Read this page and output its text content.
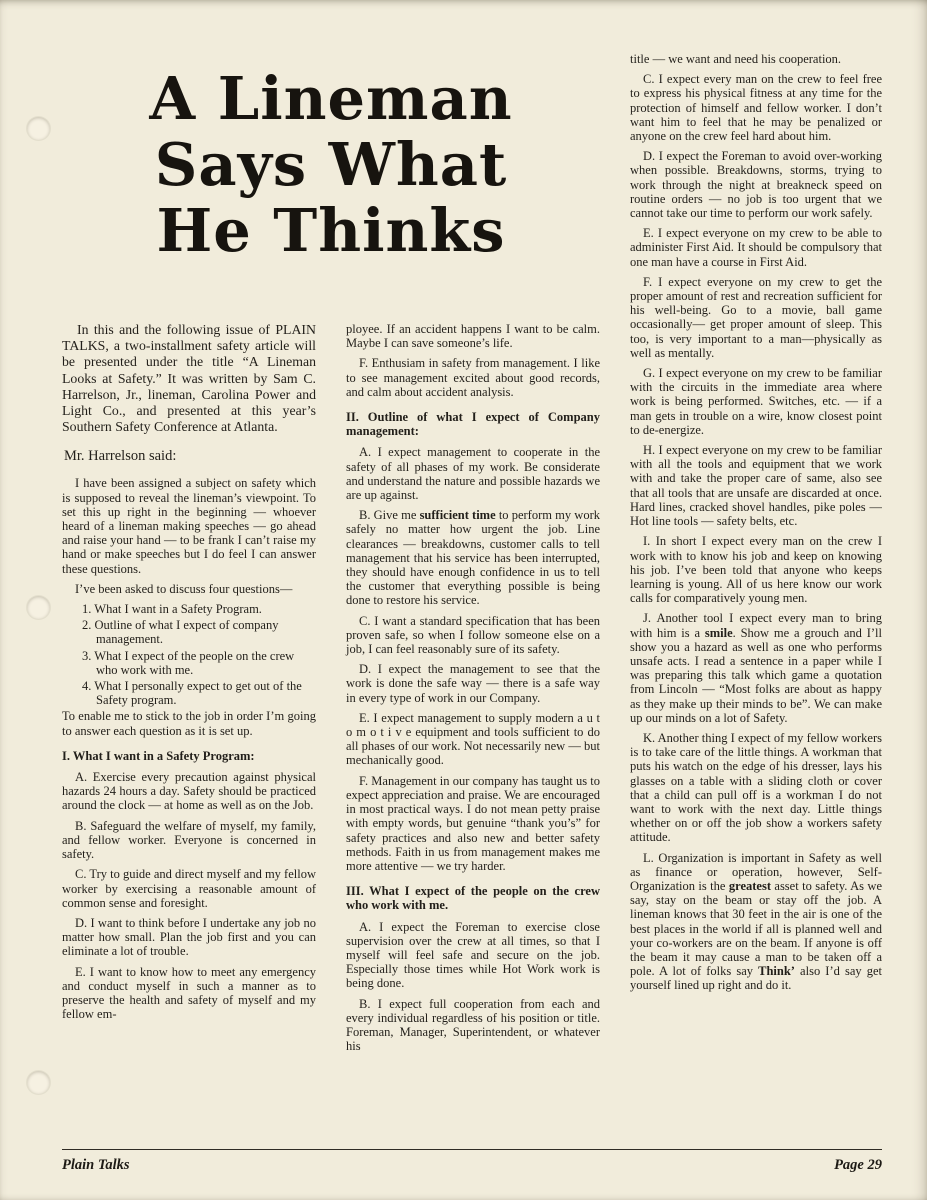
A Lineman
Says What
He Thinks

In this and the following issue of PLAIN TALKS, a two-installment safety article will be presented under the title “A Lineman Looks at Safety.” It was written by Sam C. Harrelson, Jr., lineman, Carolina Power and Light Co., and presented at this year’s Southern Safety Conference at Atlanta.

Mr. Harrelson said:

I have been assigned a subject on safety which is supposed to reveal the lineman’s viewpoint. To set this up right in the beginning — whoever heard of a lineman making speeches — go ahead and raise your hand — to be frank I can’t raise my hand or make speeches but I do feel I can answer these questions.

I’ve been asked to discuss four questions—

1. What I want in a Safety Program.

2. Outline of what I expect of company management.

3. What I expect of the people on the crew who work with me.

4. What I personally expect to get out of the Safety program.

To enable me to stick to the job in order I’m going to answer each question as it is set up.

I. What I want in a Safety Program:

A. Exercise every precaution against physical hazards 24 hours a day. Safety should be practiced around the clock — at home as well as on the Job.

B. Safeguard the welfare of myself, my family, and fellow worker. Everyone is concerned in safety.

C. Try to guide and direct myself and my fellow worker by exercising a reasonable amount of common sense and foresight.

D. I want to think before I undertake any job no matter how small. Plan the job first and you can eliminate a lot of trouble.

E. I want to know how to meet any emergency and conduct myself in such a manner as to preserve the health and safety of myself and my fellow em-

ployee. If an accident happens I want to be calm. Maybe I can save someone’s life.

F. Enthusiam in safety from management. I like to see management excited about good records, and calm about accident analysis.

II. Outline of what I expect of Company management:

A. I expect management to cooperate in the safety of all phases of my work. Be considerate and understand the nature and possible hazards we are up against.

B. Give me sufficient time to perform my work safely no matter how urgent the job. Line clearances — breakdowns, customer calls to tell management that his service has been interrupted, they should have enough confidence in us to tell the customer that everything possible is being done to restore his service.

C. I want a standard specification that has been proven safe, so when I follow someone else on a job, I can feel reasonably sure of its safety.

D. I expect the management to see that the work is done the safe way — there is a safe way in every type of work in our Company.

E. I expect management to supply modern a u t o m o t i v e equipment and tools sufficient to do all phases of our work. Not necessarily new — but mechanically good.

F. Management in our company has taught us to expect appreciation and praise. We are encouraged in most practical ways. I do not mean petty praise with empty words, but genuine “thank you’s” for safety practices and also new and better safety methods. Faith in us from management makes me more attentive — we try harder.

III. What I expect of the people on the crew who work with me.

A. I expect the Foreman to exercise close supervision over the crew at all times, so that I myself will feel safe and secure on the job. Especially those times while Hot Work work is being done.

B. I expect full cooperation from each and every individual regardless of his position or title. Foreman, Manager, Superintendent, or whatever his

title — we want and need his cooperation.

C. I expect every man on the crew to feel free to express his physical fitness at any time for the protection of himself and fellow worker. I don’t want him to feel that he may be penalized or anyone on the crew feel hard about him.

D. I expect the Foreman to avoid over-working when possible. Breakdowns, storms, trying to work through the night at breakneck speed on routine orders — no job is too urgent that we cannot take our time to perform our work safely.

E. I expect everyone on my crew to be able to administer First Aid. It should be compulsory that one man have a course in First Aid.

F. I expect everyone on my crew to get the proper amount of rest and recreation sufficient for his well-being. Go to a movie, ball game occasionally— get proper amount of sleep. This too, is very important to a man—physically as well as mentally.

G. I expect everyone on my crew to be familiar with the circuits in the immediate area where work is being performed. Switches, etc. — if a man gets in trouble on a wire, know closest point to de-energize.

H. I expect everyone on my crew to be familiar with all the tools and equipment that we work with and take the proper care of same, also see that all tools that are unsafe are discarded at once. Hard lines, cracked shovel handles, pike poles — Hot line tools — safety belts, etc.

I. In short I expect every man on the crew I work with to know his job and keep on knowing his job. I’ve been told that anyone who keeps learning is young. All of us here know our work calls for comparatively young men.

J. Another tool I expect every man to bring with him is a smile. Show me a grouch and I’ll show you a hazard as well as one who performs unsafe acts. I read a sentence in a paper while I was preparing this talk which game a quotation from Lincoln — “Most folks are about as happy as they make up their minds to be”. We can make up our minds on a lot of Safety.

K. Another thing I expect of my fellow workers is to take care of the little things. A workman that puts his watch on the edge of his dresser, lays his glasses on a table with a sliding cloth or cover that a child can pull off is a workman I do not want to work with the next day. Little things whether on or off the job show a workers safety attitude.

L. Organization is important in Safety as well as finance or operation, however, Self-Organization is the greatest asset to safety. As we say, stay on the beam or stay off the job. A lineman knows that 30 feet in the air is one of the best places in the world if all is planned well and your co-workers are on the beam. If anyone is off the beam it may cause a man to be taken off a pole. A lot of folks say Think’ also I’d say get yourself lined up right and do it.

Plain Talks	Page 29
